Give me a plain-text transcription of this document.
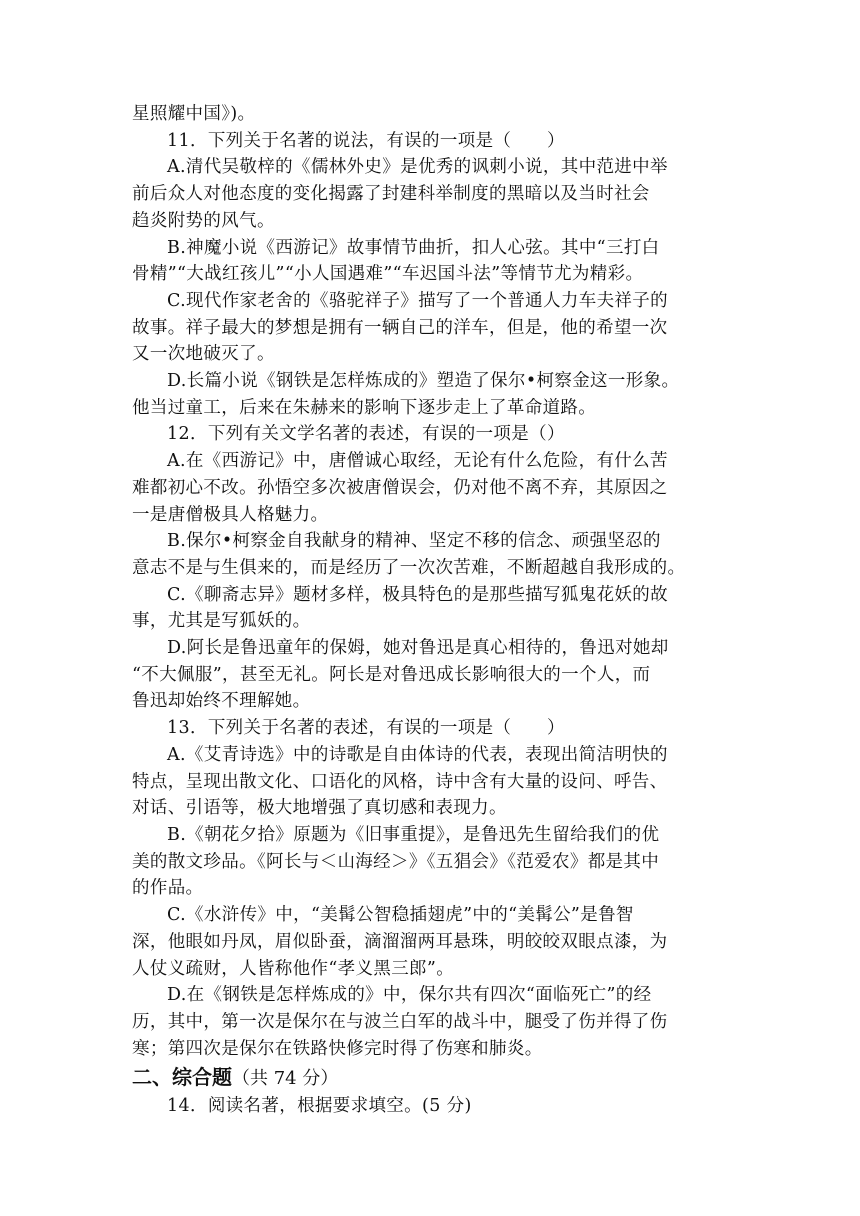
星照耀中国》)。
11．下列关于名著的说法，有误的一项是（　　）
A.清代吴敬梓的《儒林外史》是优秀的讽刺小说，其中范进中举
前后众人对他态度的变化揭露了封建科举制度的黑暗以及当时社会
趋炎附势的风气。
B.神魔小说《西游记》故事情节曲折，扣人心弦。其中“三打白
骨精”“大战红孩儿”“小人国遇难”“车迟国斗法”等情节尤为精彩。
C.现代作家老舍的《骆驼祥子》描写了一个普通人力车夫祥子的
故事。祥子最大的梦想是拥有一辆自己的洋车，但是，他的希望一次
又一次地破灭了。
D.长篇小说《钢铁是怎样炼成的》塑造了保尔•柯察金这一形象。
他当过童工，后来在朱赫来的影响下逐步走上了革命道路。
12．下列有关文学名著的表述，有误的一项是（）
A.在《西游记》中，唐僧诚心取经，无论有什么危险，有什么苦
难都初心不改。孙悟空多次被唐僧误会，仍对他不离不弃，其原因之
一是唐僧极具人格魅力。
B.保尔•柯察金自我献身的精神、坚定不移的信念、顽强坚忍的
意志不是与生俱来的，而是经历了一次次苦难，不断超越自我形成的。
C.《聊斋志异》题材多样，极具特色的是那些描写狐鬼花妖的故
事，尤其是写狐妖的。
D.阿长是鲁迅童年的保姆，她对鲁迅是真心相待的，鲁迅对她却
“不大佩服”，甚至无礼。阿长是对鲁迅成长影响很大的一个人，而
鲁迅却始终不理解她。
13．下列关于名著的表述，有误的一项是（　　）
A.《艾青诗选》中的诗歌是自由体诗的代表，表现出简洁明快的
特点，呈现出散文化、口语化的风格，诗中含有大量的设问、呼告、
对话、引语等，极大地增强了真切感和表现力。
B.《朝花夕拾》原题为《旧事重提》，是鲁迅先生留给我们的优
美的散文珍品。《阿长与＜山海经＞》《五猖会》《范爱农》都是其中
的作品。
C.《水浒传》中，“美髯公智稳插翅虎”中的“美髯公”是鲁智
深，他眼如丹凤，眉似卧蚕，滴溜溜两耳悬珠，明皎皎双眼点漆，为
人仗义疏财，人皆称他作“孝义黑三郎”。
D.在《钢铁是怎样炼成的》中，保尔共有四次“面临死亡”的经
历，其中，第一次是保尔在与波兰白军的战斗中，腿受了伤并得了伤
寒；第四次是保尔在铁路快修完时得了伤寒和肺炎。
二、综合题（共 74 分）
14．阅读名著，根据要求填空。(5 分)
